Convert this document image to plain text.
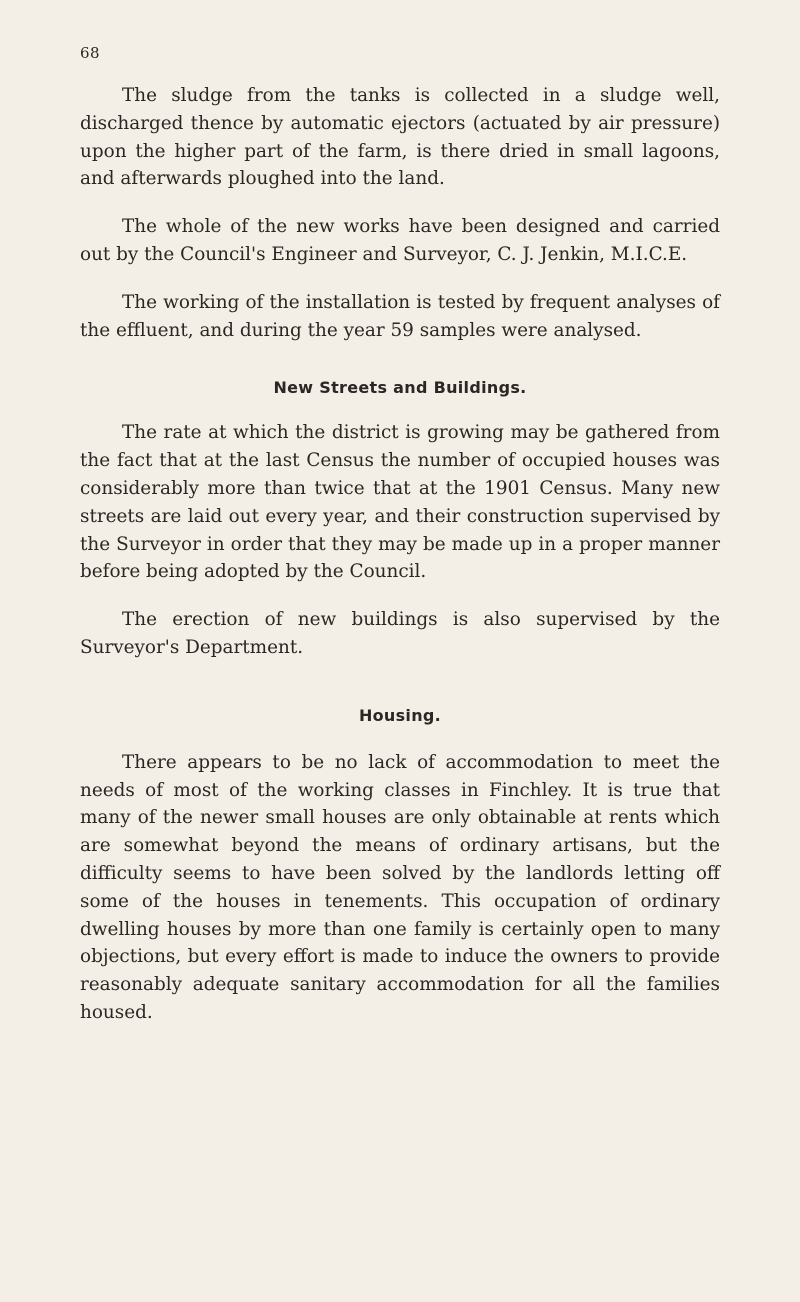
68

The sludge from the tanks is collected in a sludge well, discharged thence by automatic ejectors (actuated by air pressure) upon the higher part of the farm, is there dried in small lagoons, and afterwards ploughed into the land.

The whole of the new works have been designed and carried out by the Council's Engineer and Surveyor, C. J. Jenkin, M.I.C.E.

The working of the installation is tested by frequent analyses of the effluent, and during the year 59 samples were analysed.

New Streets and Buildings.

The rate at which the district is growing may be gathered from the fact that at the last Census the number of occupied houses was considerably more than twice that at the 1901 Census. Many new streets are laid out every year, and their construction supervised by the Surveyor in order that they may be made up in a proper manner before being adopted by the Council.

The erection of new buildings is also supervised by the Surveyor's Department.

Housing.

There appears to be no lack of accommodation to meet the needs of most of the working classes in Finchley. It is true that many of the newer small houses are only obtainable at rents which are somewhat beyond the means of ordinary artisans, but the difficulty seems to have been solved by the landlords letting off some of the houses in tenements. This occupation of ordinary dwelling houses by more than one family is certainly open to many objections, but every effort is made to induce the owners to provide reasonably adequate sanitary accommodation for all the families housed.
